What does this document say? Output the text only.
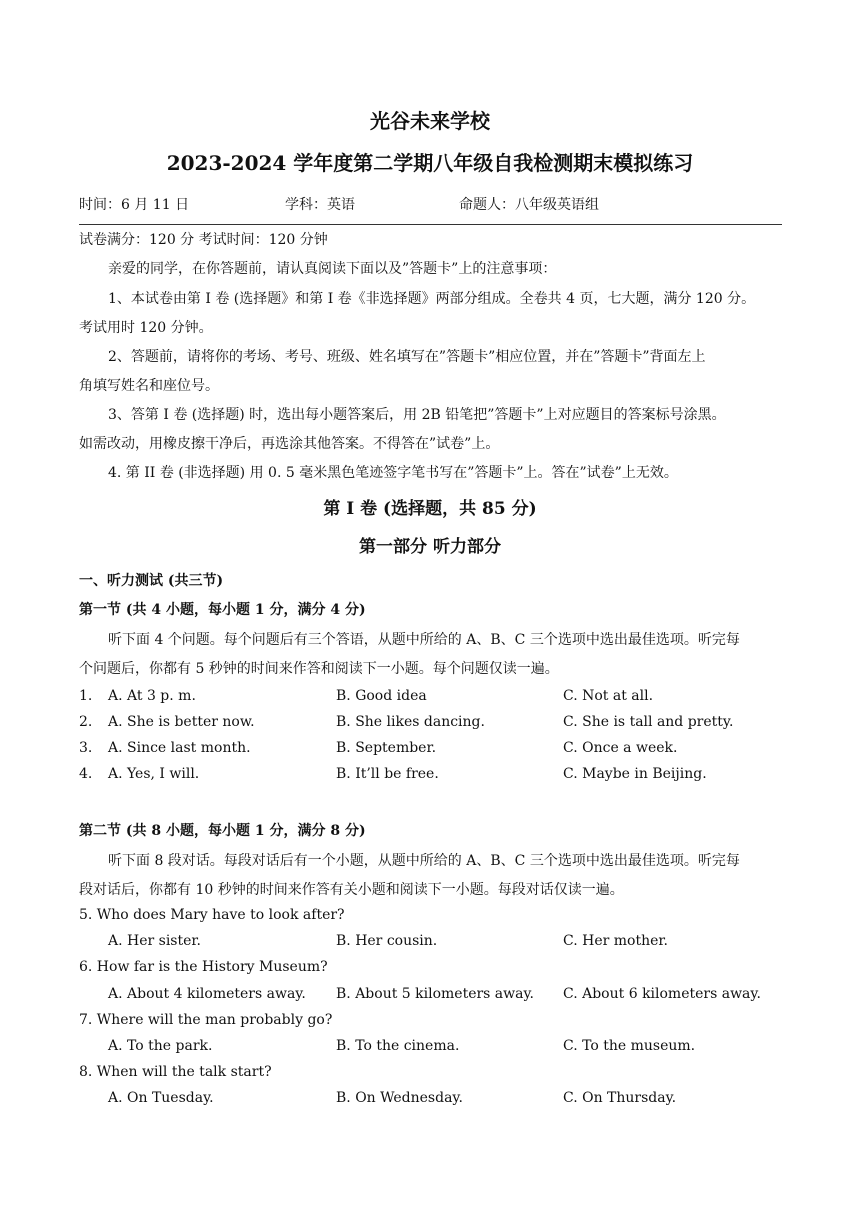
光谷未来学校
2023-2024 学年度第二学期八年级自我检测期末模拟练习
时间：6 月 11 日	学科：英语	命题人：八年级英语组
试卷满分：120 分 考试时间：120 分钟
亲爱的同学，在你答题前，请认真阅读下面以及”答题卡”上的注意事项：
1、本试卷由第 I 卷 (选择题》和第 I 卷《非选择题》两部分组成。全卷共 4 页，七大题，满分 120 分。
考试用时 120 分钟。
2、答题前，请将你的考场、考号、班级、姓名填写在”答题卡”相应位置，并在”答题卡”背面左上
角填写姓名和座位号。
3、答第 I 卷 (选择题) 时，选出每小题答案后，用 2B 铅笔把”答题卡”上对应题目的答案标号涂黑。
如需改动，用橡皮擦干净后，再选涂其他答案。不得答在”试卷”上。
4. 第 II 卷 (非选择题) 用 0. 5 毫米黑色笔迹签字笔书写在”答题卡”上。答在”试卷”上无效。
第 I 卷 (选择题，共 85 分)
第一部分 听力部分
一、听力测试 (共三节)
第一节 (共 4 小题，每小题 1 分，满分 4 分)
听下面 4 个问题。每个问题后有三个答语，从题中所给的 A、B、C 三个选项中选出最佳选项。听完每
个问题后，你都有 5 秒钟的时间来作答和阅读下一小题。每个问题仅读一遍。
1. A. At 3 p. m.	B. Good idea	C. Not at all.
2. A. She is better now.	B. She likes dancing.	C. She is tall and pretty.
3. A. Since last month.	B. September.	C. Once a week.
4. A. Yes, I will.	B. It’ll be free.	C. Maybe in Beijing.
第二节 (共 8 小题，每小题 1 分，满分 8 分)
听下面 8 段对话。每段对话后有一个小题，从题中所给的 A、B、C 三个选项中选出最佳选项。听完每
段对话后，你都有 10 秒钟的时间来作答有关小题和阅读下一小题。每段对话仅读一遍。
5. Who does Mary have to look after?
A. Her sister.	B. Her cousin.	C. Her mother.
6. How far is the History Museum?
A. About 4 kilometers away. B. About 5 kilometers away. C. About 6 kilometers away.
7. Where will the man probably go?
A. To the park.	B. To the cinema.	C. To the museum.
8. When will the talk start?
A. On Tuesday.	B. On Wednesday.	C. On Thursday.
